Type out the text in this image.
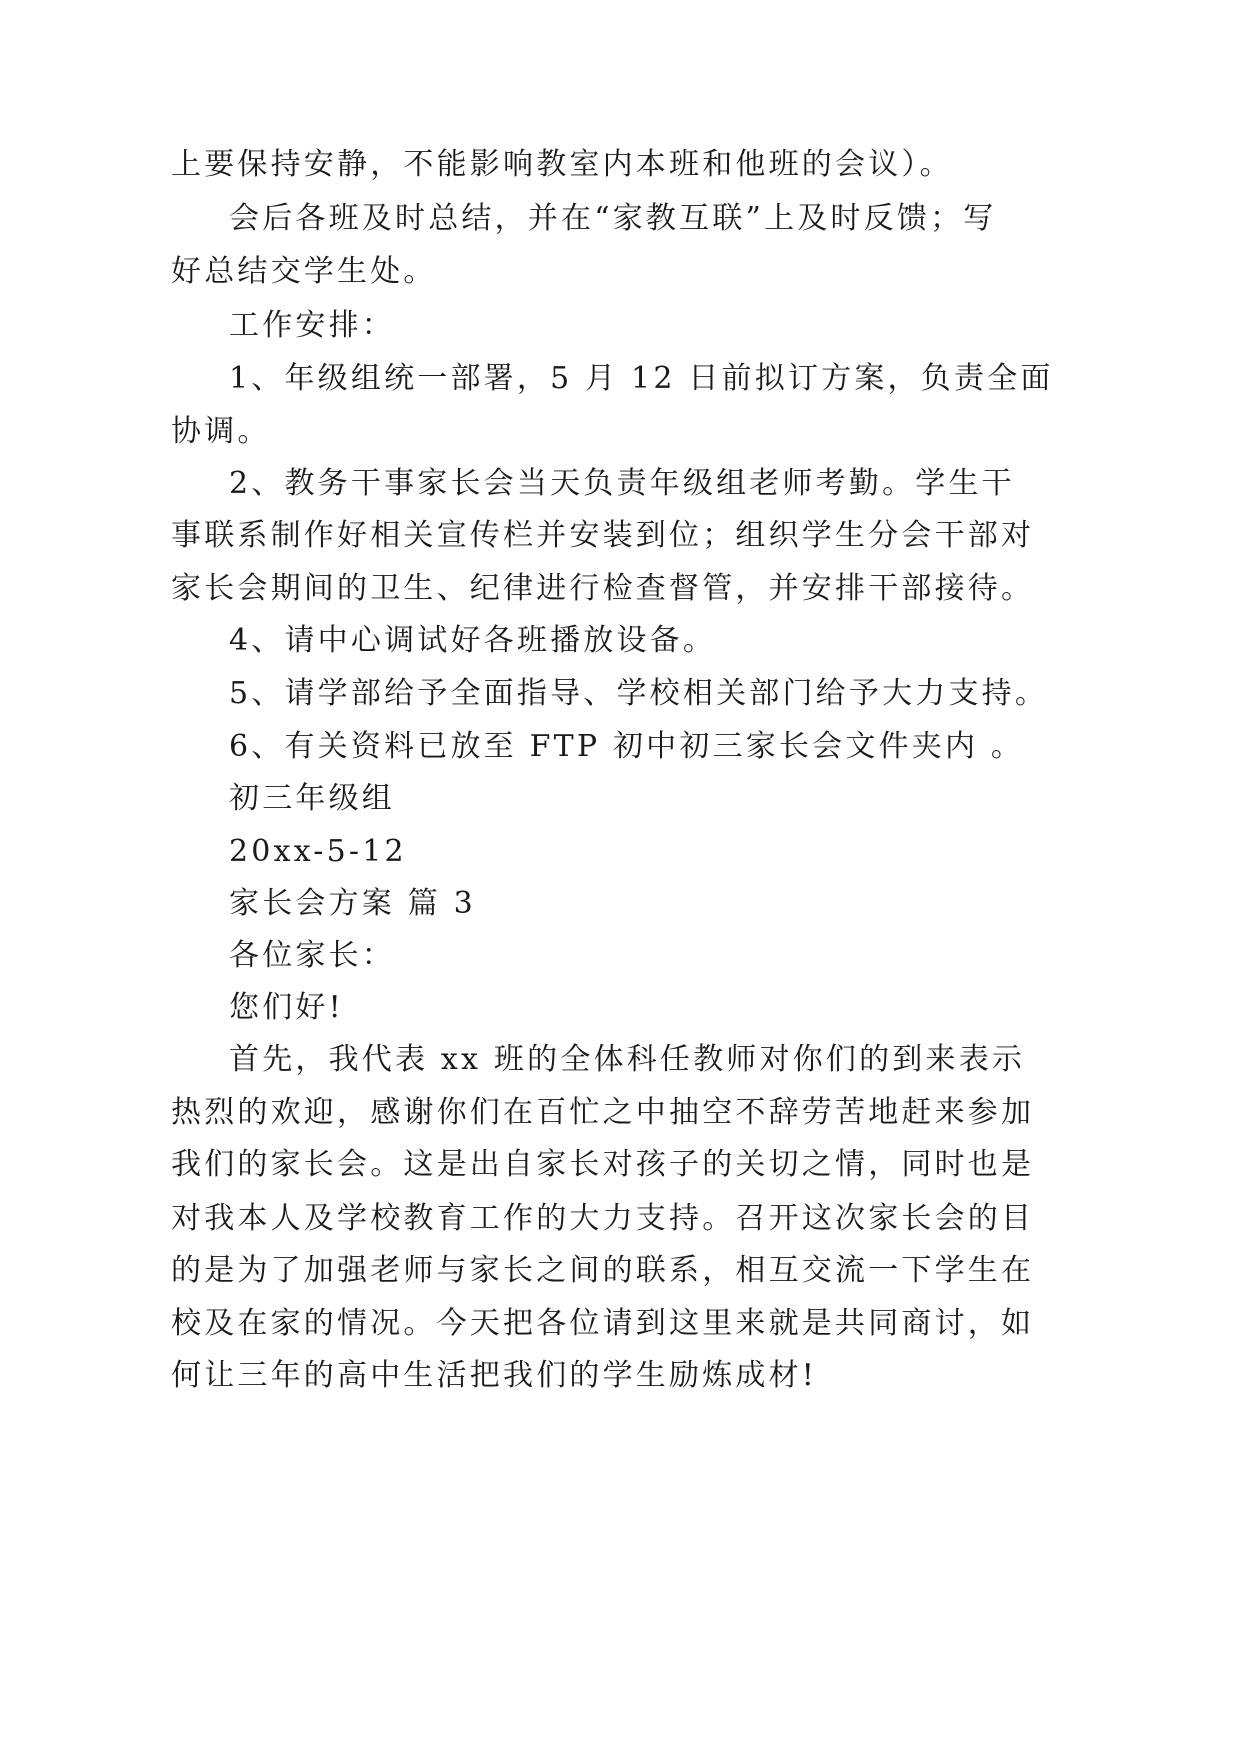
上要保持安静，不能影响教室内本班和他班的会议）。
会后各班及时总结，并在“家教互联”上及时反馈；写
好总结交学生处。
工作安排：
1、年级组统一部署，5 月 12 日前拟订方案，负责全面
协调。
2、教务干事家长会当天负责年级组老师考勤。学生干
事联系制作好相关宣传栏并安装到位；组织学生分会干部对
家长会期间的卫生、纪律进行检查督管，并安排干部接待。
4、请中心调试好各班播放设备。
5、请学部给予全面指导、学校相关部门给予大力支持。
6、有关资料已放至 FTP 初中初三家长会文件夹内 。
初三年级组
20xx-5-12
家长会方案 篇 3
各位家长：
您们好!
首先，我代表 xx 班的全体科任教师对你们的到来表示
热烈的欢迎，感谢你们在百忙之中抽空不辞劳苦地赶来参加
我们的家长会。这是出自家长对孩子的关切之情，同时也是
对我本人及学校教育工作的大力支持。召开这次家长会的目
的是为了加强老师与家长之间的联系，相互交流一下学生在
校及在家的情况。今天把各位请到这里来就是共同商讨，如
何让三年的高中生活把我们的学生励炼成材!
